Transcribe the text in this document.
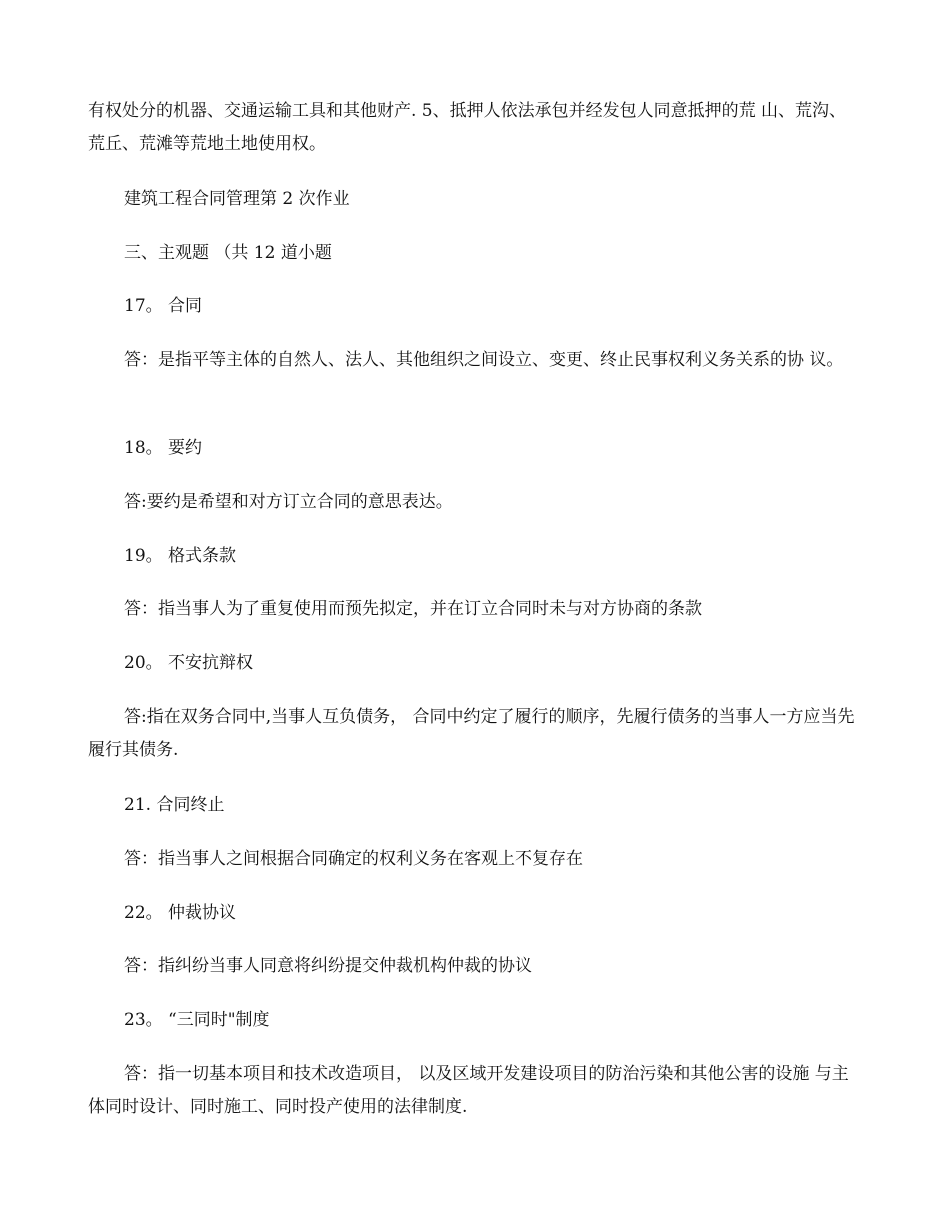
有权处分的机器、交通运输工具和其他财产. 5、抵押人依法承包并经发包人同意抵押的荒 山、荒沟、荒丘、荒滩等荒地土地使用权。

建筑工程合同管理第 2 次作业

三、主观题 （共 12 道小题

17。 合同

答：是指平等主体的自然人、法人、其他组织之间设立、变更、终止民事权利义务关系的协 议。

18。 要约

答:要约是希望和对方订立合同的意思表达。

19。 格式条款

答：指当事人为了重复使用而预先拟定，并在订立合同时未与对方协商的条款

20。 不安抗辩权

答:指在双务合同中,当事人互负债务， 合同中约定了履行的顺序，先履行债务的当事人一方应当先履行其债务.

21. 合同终止

答：指当事人之间根据合同确定的权利义务在客观上不复存在

22。 仲裁协议

答：指纠纷当事人同意将纠纷提交仲裁机构仲裁的协议

23。 “三同时"制度

答：指一切基本项目和技术改造项目， 以及区域开发建设项目的防治污染和其他公害的设施 与主体同时设计、同时施工、同时投产使用的法律制度.
